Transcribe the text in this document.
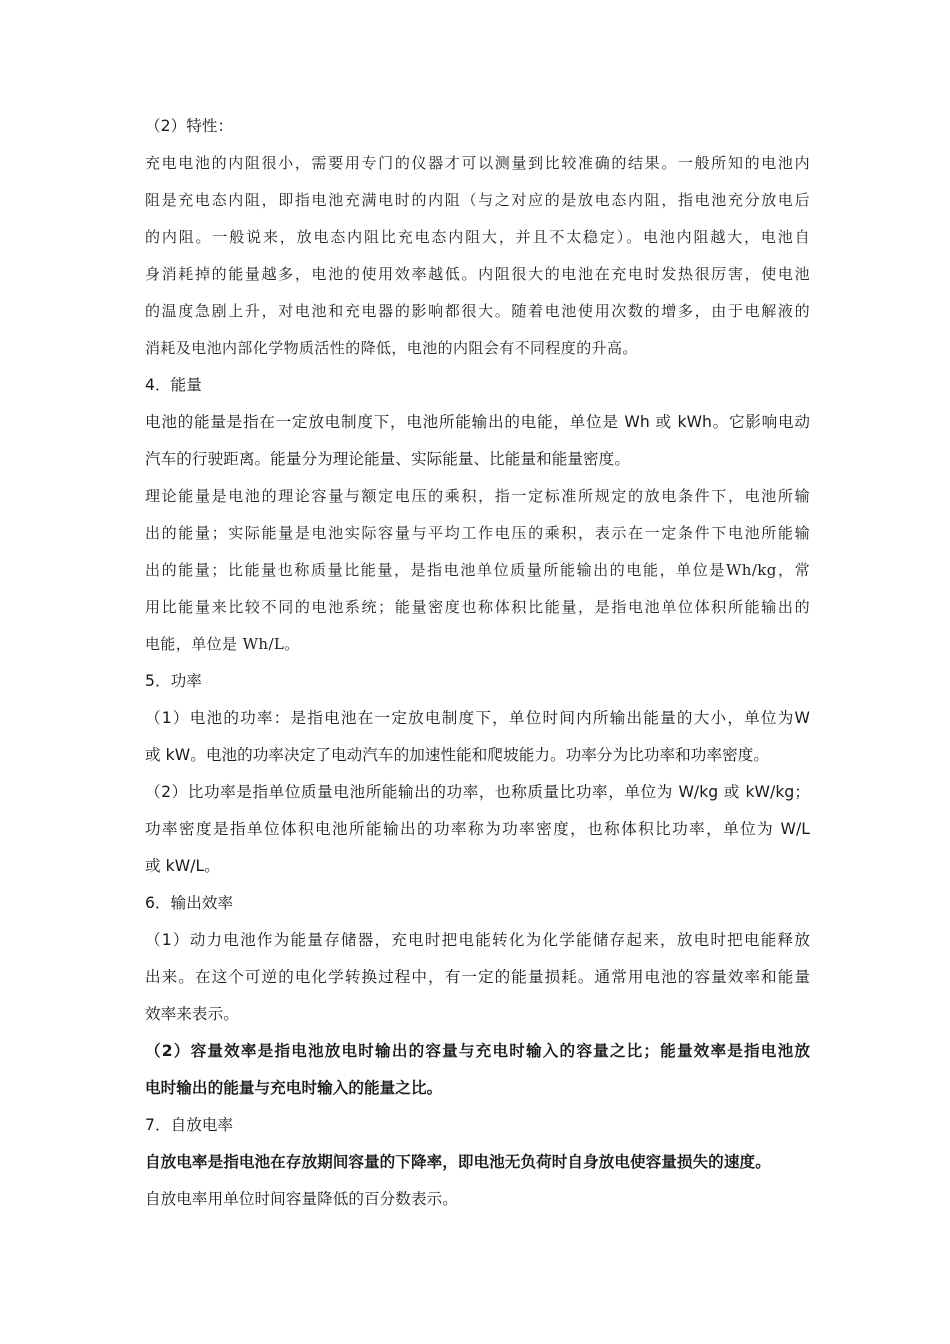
（2）特性：
充电电池的内阻很小，需要用专门的仪器才可以测量到比较准确的结果。一般所知的电池内
阻是充电态内阻，即指电池充满电时的内阻（与之对应的是放电态内阻，指电池充分放电后
的内阻。一般说来，放电态内阻比充电态内阻大，并且不太稳定）。电池内阻越大，电池自
身消耗掉的能量越多，电池的使用效率越低。内阻很大的电池在充电时发热很厉害，使电池
的温度急剧上升，对电池和充电器的影响都很大。随着电池使用次数的增多，由于电解液的
消耗及电池内部化学物质活性的降低，电池的内阻会有不同程度的升高。
4．能量
电池的能量是指在一定放电制度下，电池所能输出的电能，单位是 Wh 或 kWh。它影响电动
汽车的行驶距离。能量分为理论能量、实际能量、比能量和能量密度。
理论能量是电池的理论容量与额定电压的乘积，指一定标准所规定的放电条件下，电池所输
出的能量；实际能量是电池实际容量与平均工作电压的乘积，表示在一定条件下电池所能输
出的能量；比能量也称质量比能量，是指电池单位质量所能输出的电能，单位是Wh/kg，常
用比能量来比较不同的电池系统；能量密度也称体积比能量，是指电池单位体积所能输出的
电能，单位是 Wh/L。
5．功率
（1）电池的功率：是指电池在一定放电制度下，单位时间内所输出能量的大小，单位为W
或 kW。电池的功率决定了电动汽车的加速性能和爬坡能力。功率分为比功率和功率密度。
（2）比功率是指单位质量电池所能输出的功率，也称质量比功率，单位为 W/kg 或 kW/kg；
功率密度是指单位体积电池所能输出的功率称为功率密度，也称体积比功率，单位为 W/L
或 kW/L。
6．输出效率
（1）动力电池作为能量存储器，充电时把电能转化为化学能储存起来，放电时把电能释放
出来。在这个可逆的电化学转换过程中，有一定的能量损耗。通常用电池的容量效率和能量
效率来表示。
（2）容量效率是指电池放电时输出的容量与充电时输入的容量之比；能量效率是指电池放
电时输出的能量与充电时输入的能量之比。
7．自放电率
自放电率是指电池在存放期间容量的下降率，即电池无负荷时自身放电使容量损失的速度。
自放电率用单位时间容量降低的百分数表示。
